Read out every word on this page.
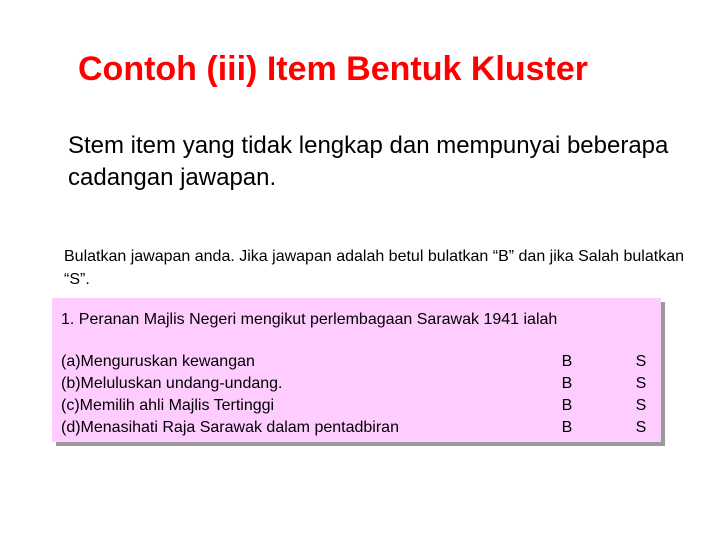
Contoh (iii) Item Bentuk Kluster
Stem item yang tidak lengkap dan mempunyai beberapa cadangan jawapan.
Bulatkan jawapan anda. Jika jawapan adalah betul bulatkan “B” dan jika Salah bulatkan “S”.
1. Peranan Majlis Negeri mengikut perlembagaan Sarawak 1941 ialah
(a)Menguruskan kewangan	B	S
(b)Meluluskan undang-undang.	B	S
(c)Memilih ahli Majlis Tertinggi	B	S
(d)Menasihati Raja Sarawak dalam pentadbiran	B	S
